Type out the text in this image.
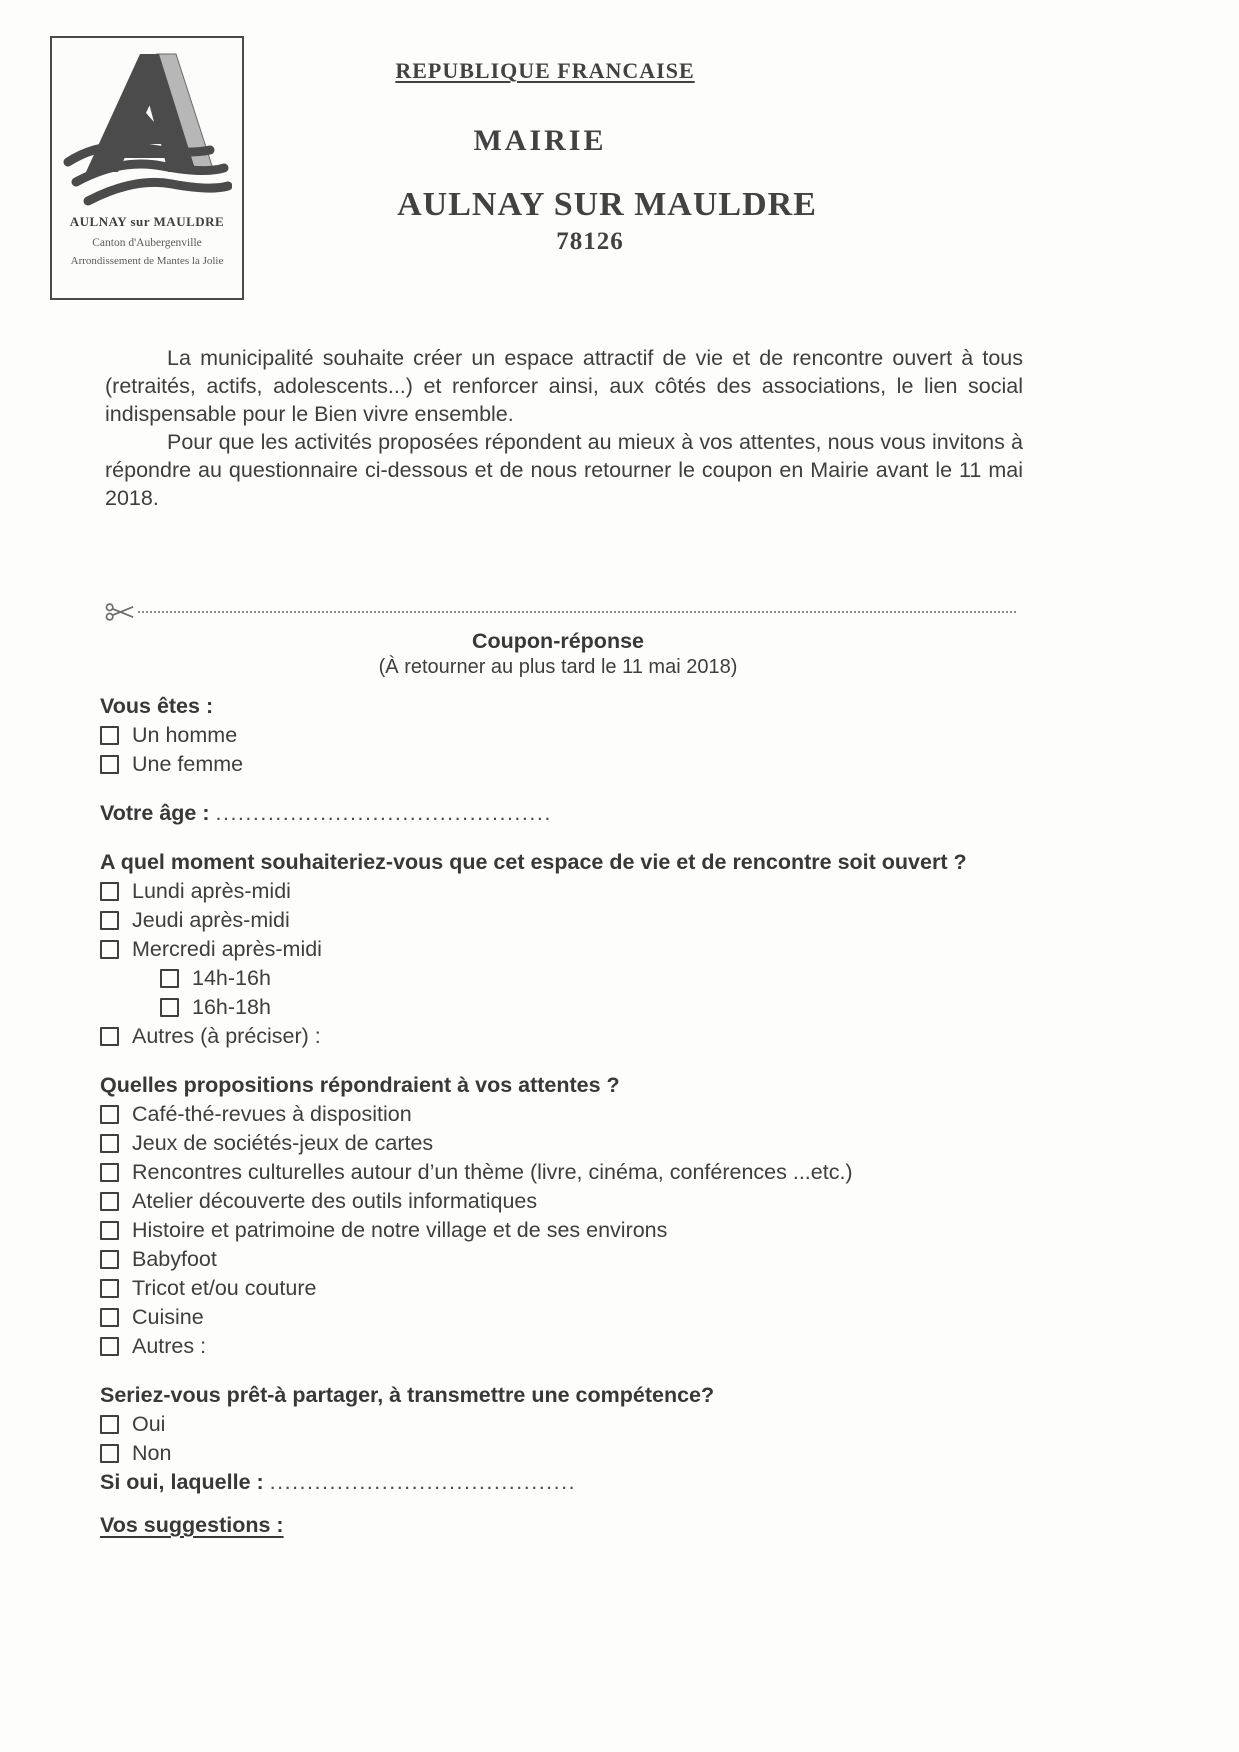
AULNAY sur MAULDRE
Canton d'Aubergenville
Arrondissement de Mantes la Jolie
REPUBLIQUE FRANCAISE
MAIRIE
AULNAY SUR MAULDRE
78126

La municipalité souhaite créer un espace attractif de vie et de rencontre ouvert à tous (retraités, actifs, adolescents...) et renforcer ainsi, aux côtés des associations, le lien social indispensable pour le Bien vivre ensemble.

Pour que les activités proposées répondent au mieux à vos attentes, nous vous invitons à répondre au questionnaire ci-dessous et de nous retourner le coupon en Mairie avant le 11 mai 2018.

Coupon-réponse
(À retourner au plus tard le 11 mai 2018)
Vous êtes :
Un homme
Une femme
Votre âge : .............................................
A quel moment souhaiteriez-vous que cet espace de vie et de rencontre soit ouvert ?
Lundi après-midi
Jeudi après-midi
Mercredi après-midi
14h-16h
16h-18h
Autres (à préciser) :
Quelles propositions répondraient à vos attentes ?
Café-thé-revues à disposition
Jeux de sociétés-jeux de cartes
Rencontres culturelles autour d’un thème (livre, cinéma, conférences ...etc.)
Atelier découverte des outils informatiques
Histoire et patrimoine de notre village et de ses environs
Babyfoot
Tricot et/ou couture
Cuisine
Autres :
Seriez-vous prêt-à partager, à transmettre une compétence?
Oui
Non
Si oui, laquelle : .........................................
Vos suggestions :
